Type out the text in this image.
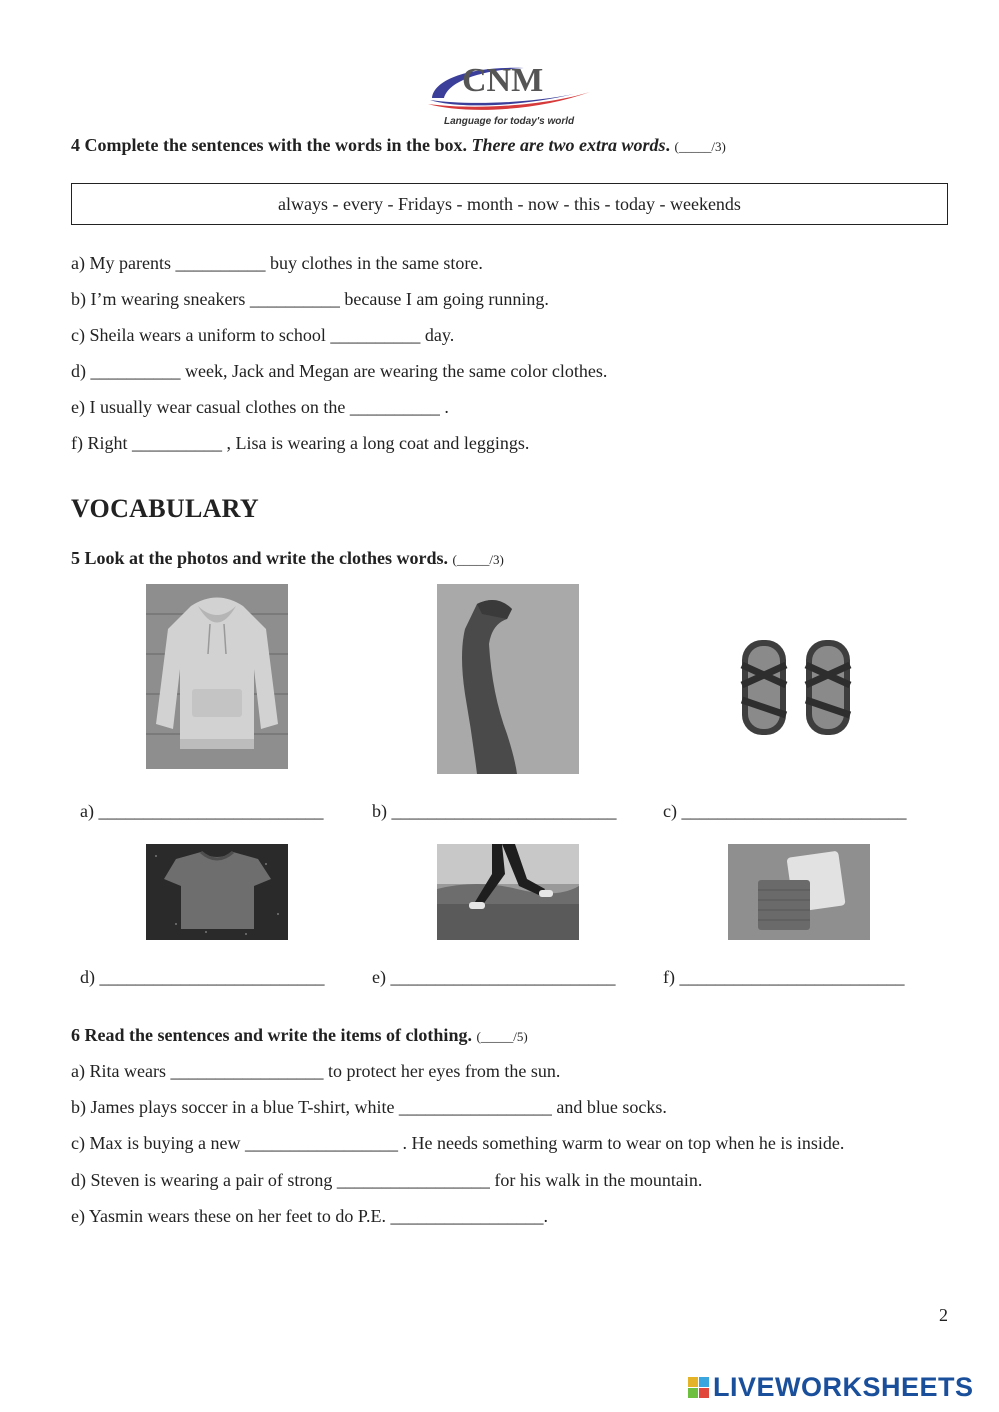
CNM
Language for today's world
4 Complete the sentences with the words in the box. There are two extra words. (_____/3)
always - every - Fridays - month - now - this - today - weekends
a) My parents __________ buy clothes in the same store.
b) I’m wearing sneakers __________ because I am going running.
c) Sheila wears a uniform to school __________ day.
d) __________ week, Jack and Megan are wearing the same color clothes.
e) I usually wear casual clothes on the __________ .
f) Right __________ , Lisa is wearing a long coat and leggings.
VOCABULARY
5 Look at the photos and write the clothes words. (_____/3)
a) _________________________	b) _________________________	c) _________________________
d) _________________________	e) _________________________	f) _________________________
6 Read the sentences and write the items of clothing. (_____/5)
a) Rita wears _________________ to protect her eyes from the sun.
b) James plays soccer in a blue T-shirt, white _________________ and blue socks.
c) Max is buying a new _________________ . He needs something warm to wear on top when he is inside.
d) Steven is wearing a pair of strong _________________ for his walk in the mountain.
e) Yasmin wears these on her feet to do P.E. _________________.
2
LIVEWORKSHEETS
